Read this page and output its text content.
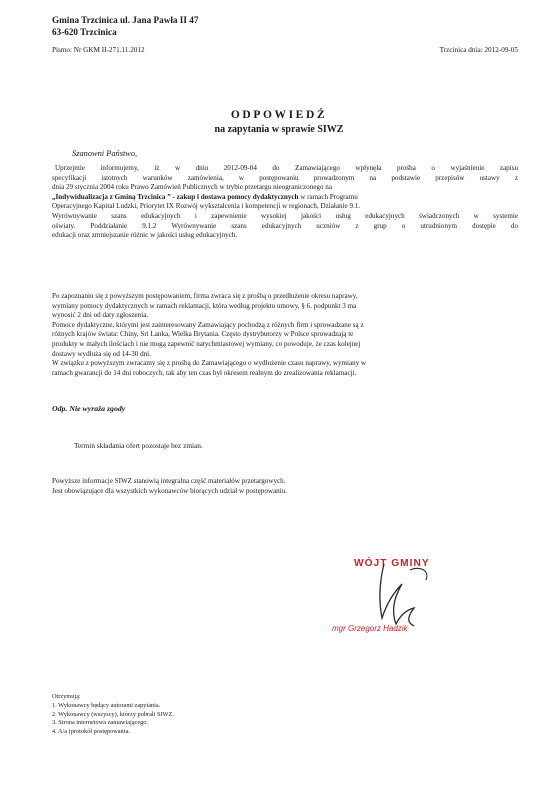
Gmina Trzcinica ul. Jana Pawła II 47
63-620 Trzcinica
Pismo: Nr GKM II-271.11.2012	Trzcinica dnia: 2012-09-05
ODPOWIEDŹ
na zapytania w sprawie SIWZ
Szanowni Państwo,

Uprzejmie informujemy, iż w dniu 2012-09-04 do Zamawiającego wpłynęła prośba o wyjaśnienie zapisu

specyfikacji istotnych warunków zamówienia, w postępowaniu prowadzonym na podstawie przepisów ustawy z

dnia 29 stycznia 2004 roku Prawo Zamówień Publicznych w trybie przetargu nieograniczonego na

„Indywidualizacja z Gminą Trzcinica ” - zakup i dostawa pomocy dydaktycznych w ramach Programu

Operacyjnego Kapitał Ludzki, Priorytet IX Rozwój wykształcenia i kompetencji w regionach, Działanie 9.1.

Wyrównywanie szans edukacyjnych i zapewnienie wysokiej jakości usług edukacyjnych świadczonych w systemie

oświaty. Poddziałanie 9.1.2 Wyrównywanie szans edukacyjnych uczniów z grup o utrudnionym dostępie do

edukacji oraz zmniejszanie różnic w jakości usług edukacyjnych.

Po zapoznaniu się z powyższym postępowaniem, firma zwraca się z prośbą o przedłużenie okresu naprawy,

wymiany pomocy dydaktycznych w ramach reklamacji, która według projektu umowy, § 6. podpunkt 3 ma

wynosić 2 dni od daty zgłoszenia.

Pomoce dydaktyczne, którymi jest zainteresowany Zamawiający pochodzą z różnych firm i sprowadzane są z

różnych krajów świata: Chiny, Sri Lanka, Wielka Brytania. Często dystrybutorzy w Polsce sprowadzają te

produkty w małych ilościach i nie mogą zapewnić natychmiastowej wymiany, co powoduje, że czas kolejnej

dostawy wydłuża się od 14-30 dni.

W związku z powyższym zwracamy się z prośbą do Zamawiającego o wydłużenie czasu naprawy, wymiany w

ramach gwarancji do 14 dni roboczych, tak aby ten czas był okresem realnym do zrealizowania reklamacji.

Odp. Nie wyraża zgody
Termin składania ofert pozostaje bez zmian.

Powyższe informacje SIWZ stanowią integralna część materiałów przetargowych.

Jest obowiązujące dla wszystkich wykonawców biorących udział w postępowaniu.

WÓJT GMINY
mgr Grzegorz Hadzik
Otrzymują:
1. Wykonawcy będący autorami zapytania.
2. Wykonawcy (wszyscy), którzy pobrali SIWZ.
3. Strona internetowa zamawiającego.
4. A/a (protokół postępowania.
